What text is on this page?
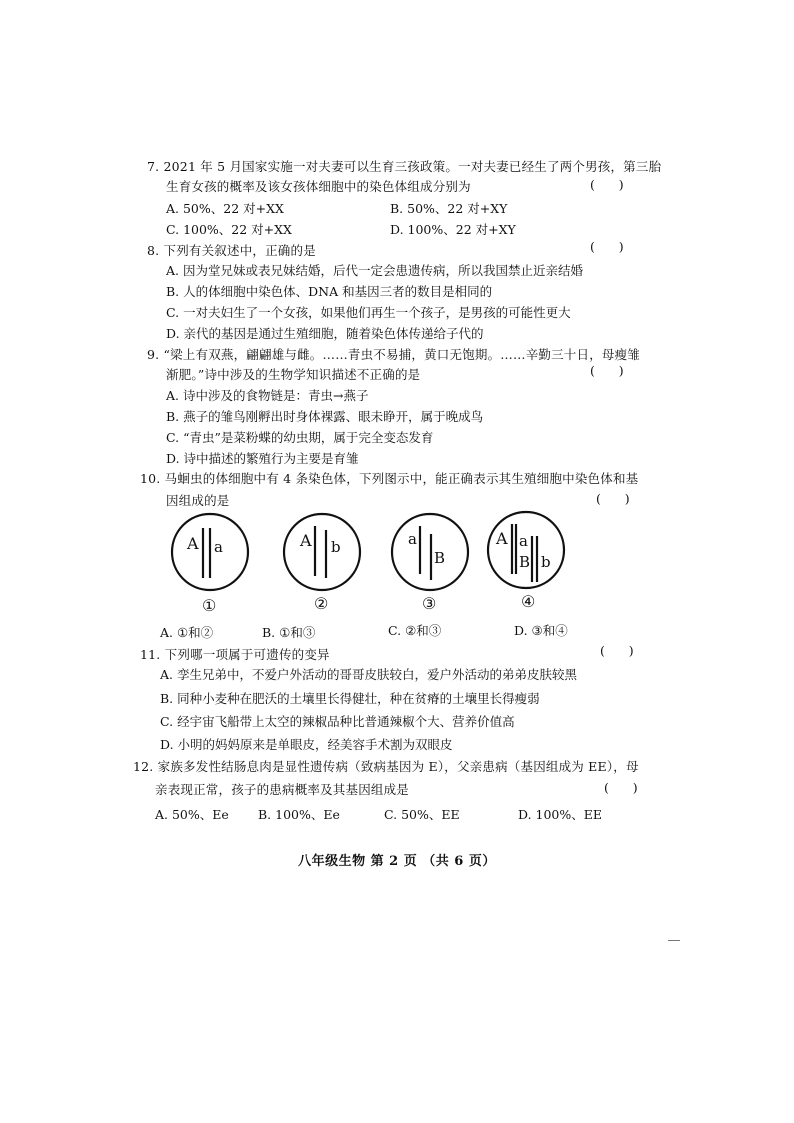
7. 2021 年 5 月国家实施一对夫妻可以生育三孩政策。一对夫妻已经生了两个男孩，第三胎
生育女孩的概率及该女孩体细胞中的染色体组成分别为	(      )
A. 50%、22 对+XX	B. 50%、22 对+XY
C. 100%、22 对+XX	D. 100%、22 对+XY
8. 下列有关叙述中，正确的是	(      )
A. 因为堂兄妹或表兄妹结婚，后代一定会患遗传病，所以我国禁止近亲结婚
B. 人的体细胞中染色体、DNA 和基因三者的数目是相同的
C. 一对夫妇生了一个女孩，如果他们再生一个孩子，是男孩的可能性更大
D. 亲代的基因是通过生殖细胞，随着染色体传递给子代的
9. “梁上有双燕，翩翩雄与雌。……青虫不易捕，黄口无饱期。……辛勤三十日，母瘦雏
渐肥。”诗中涉及的生物学知识描述不正确的是	(      )
A. 诗中涉及的食物链是：青虫→燕子
B. 燕子的雏鸟刚孵出时身体裸露、眼未睁开，属于晚成鸟
C. “青虫”是菜粉蝶的幼虫期，属于完全变态发育
D. 诗中描述的繁殖行为主要是育雏
10. 马蛔虫的体细胞中有 4 条染色体，下列图示中，能正确表示其生殖细胞中染色体和基
因组成的是	(      )
A a
①
A b
②
a
B
③
A a
B b
④
A. ①和②	B. ①和③	C. ②和③	D. ③和④
11. 下列哪一项属于可遗传的变异	(      )
A. 孪生兄弟中，不爱户外活动的哥哥皮肤较白，爱户外活动的弟弟皮肤较黑
B. 同种小麦种在肥沃的土壤里长得健壮，种在贫瘠的土壤里长得瘦弱
C. 经宇宙飞船带上太空的辣椒品种比普通辣椒个大、营养价值高
D. 小明的妈妈原来是单眼皮，经美容手术割为双眼皮
12. 家族多发性结肠息肉是显性遗传病（致病基因为 E），父亲患病（基因组成为 EE），母
亲表现正常，孩子的患病概率及其基因组成是	(      )
A. 50%、Ee B. 100%、Ee	C. 50%、EE	D. 100%、EE
八年级生物 第 2 页 （共 6 页）
